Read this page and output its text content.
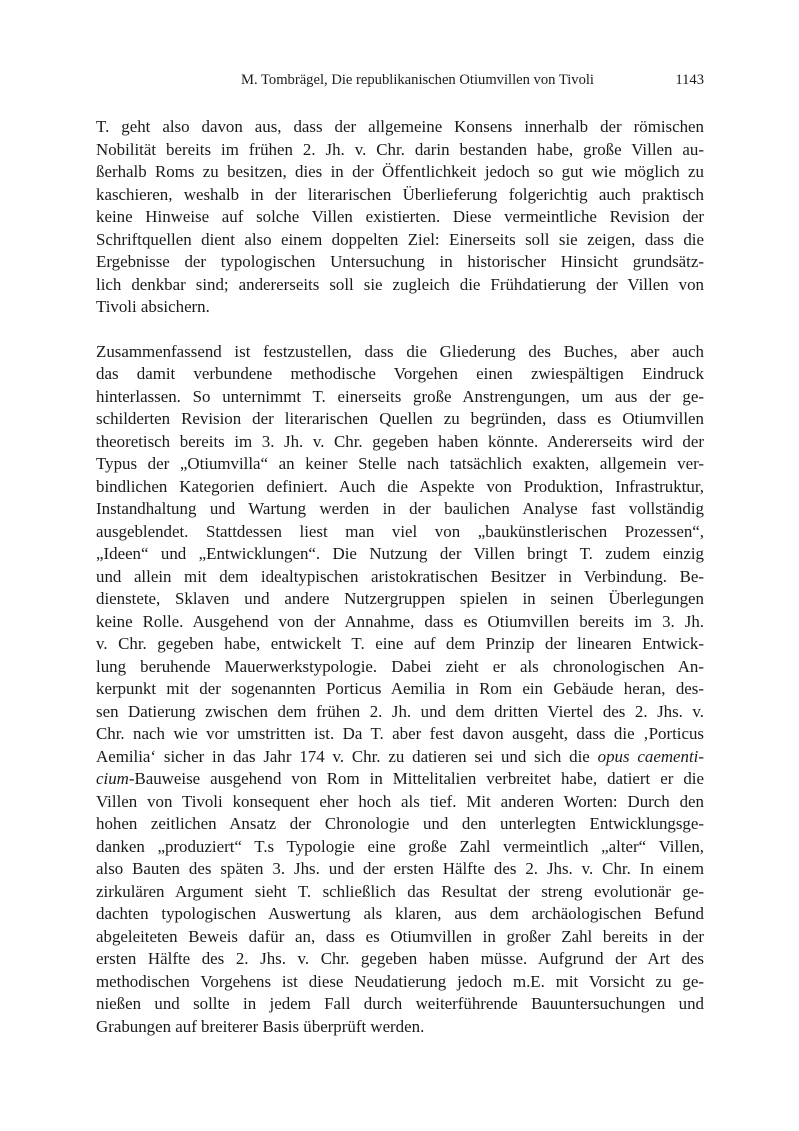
M. Tombrägel, Die republikanischen Otiumvillen von Tivoli	1143
T. geht also davon aus, dass der allgemeine Konsens innerhalb der römischen
Nobilität bereits im frühen 2. Jh. v. Chr. darin bestanden habe, große Villen au-
ßerhalb Roms zu besitzen, dies in der Öffentlichkeit jedoch so gut wie möglich zu
kaschieren, weshalb in der literarischen Überlieferung folgerichtig auch praktisch
keine Hinweise auf solche Villen existierten. Diese vermeintliche Revision der
Schriftquellen dient also einem doppelten Ziel: Einerseits soll sie zeigen, dass die
Ergebnisse der typologischen Untersuchung in historischer Hinsicht grundsätz-
lich denkbar sind; andererseits soll sie zugleich die Frühdatierung der Villen von
Tivoli absichern.
Zusammenfassend ist festzustellen, dass die Gliederung des Buches, aber auch
das damit verbundene methodische Vorgehen einen zwiespältigen Eindruck
hinterlassen. So unternimmt T. einerseits große Anstrengungen, um aus der ge-
schilderten Revision der literarischen Quellen zu begründen, dass es Otiumvillen
theoretisch bereits im 3. Jh. v. Chr. gegeben haben könnte. Andererseits wird der
Typus der „Otiumvilla“ an keiner Stelle nach tatsächlich exakten, allgemein ver-
bindlichen Kategorien definiert. Auch die Aspekte von Produktion, Infrastruktur,
Instandhaltung und Wartung werden in der baulichen Analyse fast vollständig
ausgeblendet. Stattdessen liest man viel von „baukünstlerischen Prozessen“,
„Ideen“ und „Entwicklungen“. Die Nutzung der Villen bringt T. zudem einzig
und allein mit dem idealtypischen aristokratischen Besitzer in Verbindung. Be-
dienstete, Sklaven und andere Nutzergruppen spielen in seinen Überlegungen
keine Rolle. Ausgehend von der Annahme, dass es Otiumvillen bereits im 3. Jh.
v. Chr. gegeben habe, entwickelt T. eine auf dem Prinzip der linearen Entwick-
lung beruhende Mauerwerkstypologie. Dabei zieht er als chronologischen An-
kerpunkt mit der sogenannten Porticus Aemilia in Rom ein Gebäude heran, des-
sen Datierung zwischen dem frühen 2. Jh. und dem dritten Viertel des 2. Jhs. v.
Chr. nach wie vor umstritten ist. Da T. aber fest davon ausgeht, dass die ‚Porticus
Aemilia‘ sicher in das Jahr 174 v. Chr. zu datieren sei und sich die opus caementi-
cium-Bauweise ausgehend von Rom in Mittelitalien verbreitet habe, datiert er die
Villen von Tivoli konsequent eher hoch als tief. Mit anderen Worten: Durch den
hohen zeitlichen Ansatz der Chronologie und den unterlegten Entwicklungsge-
danken „produziert“ T.s Typologie eine große Zahl vermeintlich „alter“ Villen,
also Bauten des späten 3. Jhs. und der ersten Hälfte des 2. Jhs. v. Chr. In einem
zirkulären Argument sieht T. schließlich das Resultat der streng evolutionär ge-
dachten typologischen Auswertung als klaren, aus dem archäologischen Befund
abgeleiteten Beweis dafür an, dass es Otiumvillen in großer Zahl bereits in der
ersten Hälfte des 2. Jhs. v. Chr. gegeben haben müsse. Aufgrund der Art des
methodischen Vorgehens ist diese Neudatierung jedoch m.E. mit Vorsicht zu ge-
nießen und sollte in jedem Fall durch weiterführende Bauuntersuchungen und
Grabungen auf breiterer Basis überprüft werden.
